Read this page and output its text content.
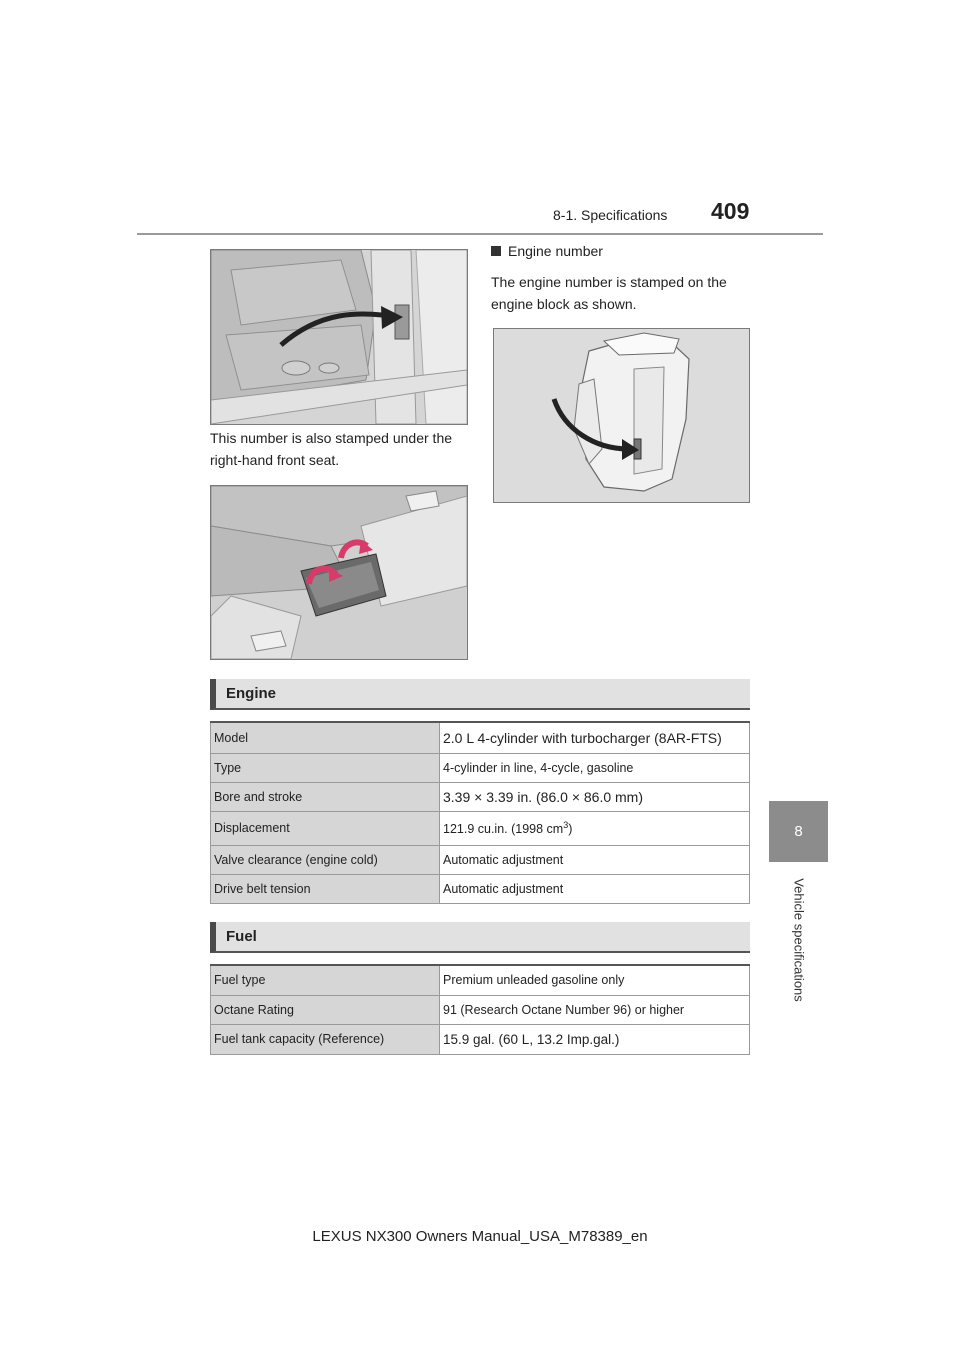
8-1. Specifications 409
8
Vehicle specifications
This number is also stamped under the right-hand front seat.
Engine number
The engine number is stamped on the engine block as shown.
Engine
Model	2.0 L 4-cylinder with turbocharger (8AR-FTS)
Type	4-cylinder in line, 4-cycle, gasoline
Bore and stroke	3.39 × 3.39 in. (86.0 × 86.0 mm)
Displacement	121.9 cu.in. (1998 $cm^3$)
Valve clearance (engine cold)	Automatic adjustment
Drive belt tension	Automatic adjustment
Fuel
Fuel type	Premium unleaded gasoline only
Octane Rating	91 (Research Octane Number 96) or higher
Fuel tank capacity (Reference)	15.9 gal. (60 L, 13.2 Imp.gal.)
LEXUS NX300 Owners Manual_USA_M78389_en
